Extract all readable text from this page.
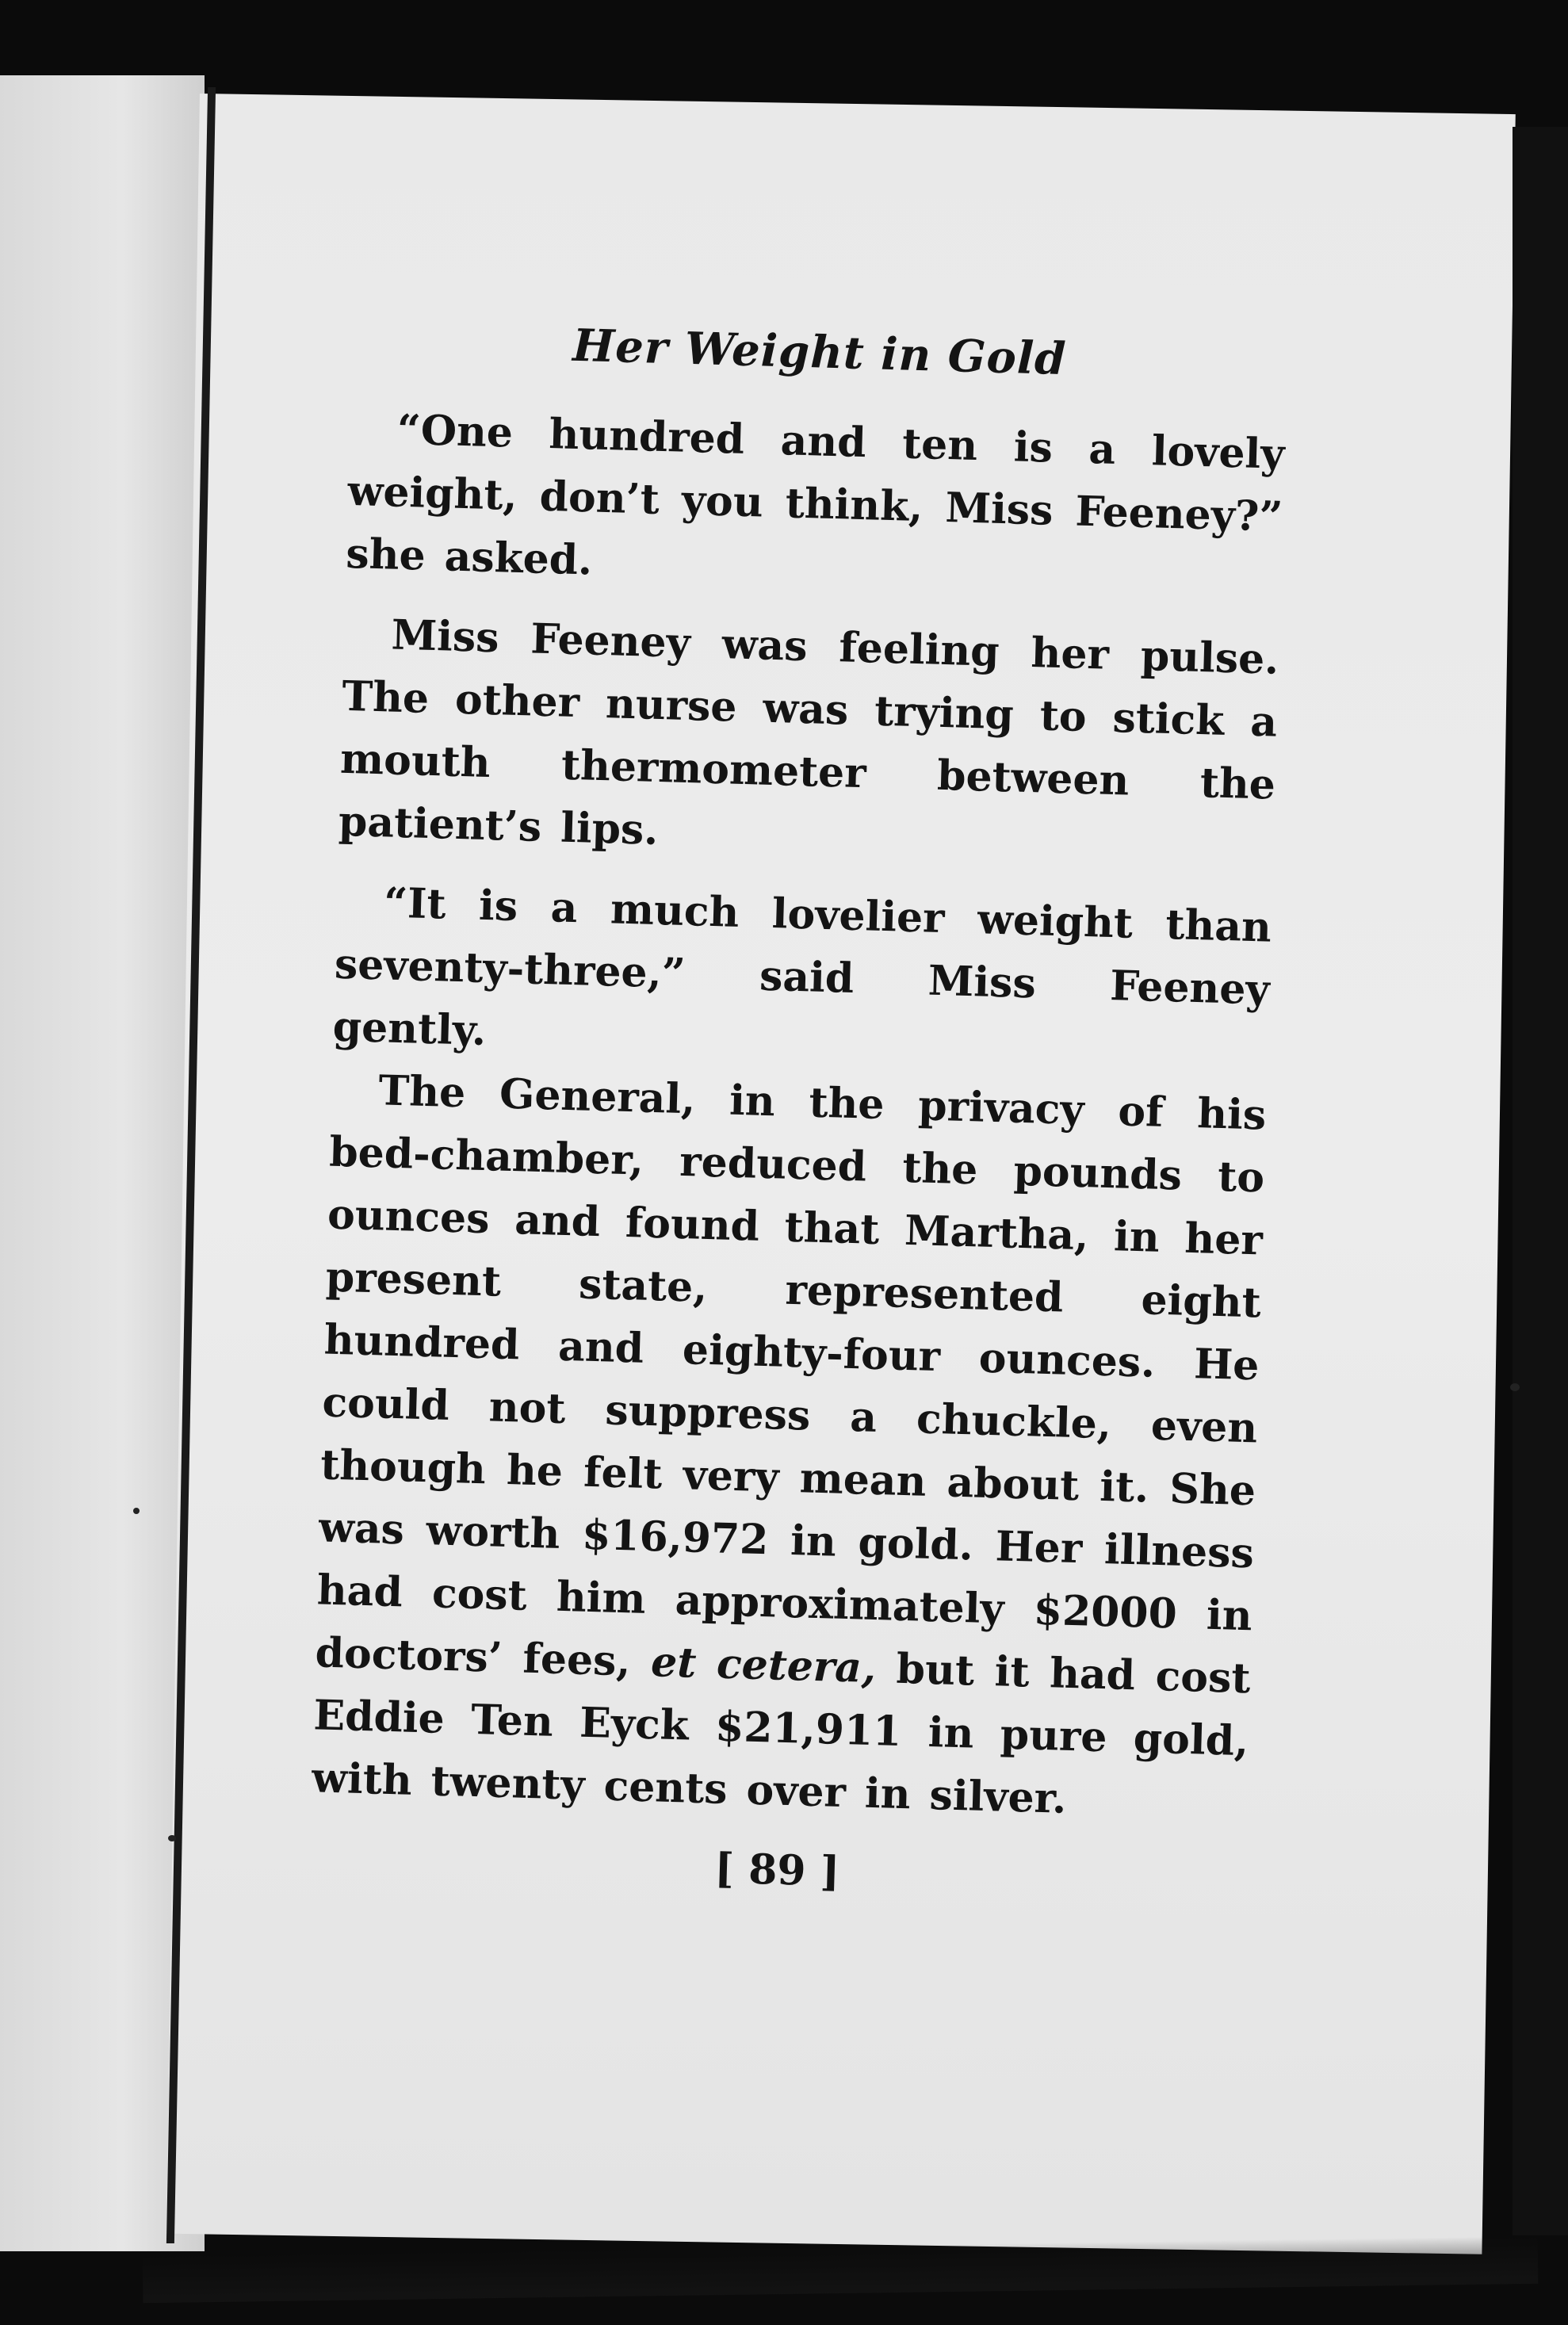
Her Weight in Gold

“One hundred and ten is a lovely weight, don’t you think, Miss Feeney?” she asked.

Miss Feeney was feeling her pulse. The other nurse was trying to stick a mouth thermometer between the patient’s lips.

“It is a much lovelier weight than seventy-three,” said Miss Feeney gently.

The General, in the privacy of his bed-chamber, reduced the pounds to ounces and found that Martha, in her present state, represented eight hundred and eighty-four ounces. He could not suppress a chuckle, even though he felt very mean about it. She was worth $16,972 in gold. Her illness had cost him approximately $2000 in doctors’ fees, et cetera, but it had cost Eddie Ten Eyck $21,911 in pure gold, with twenty cents over in silver.

[ 89 ]
